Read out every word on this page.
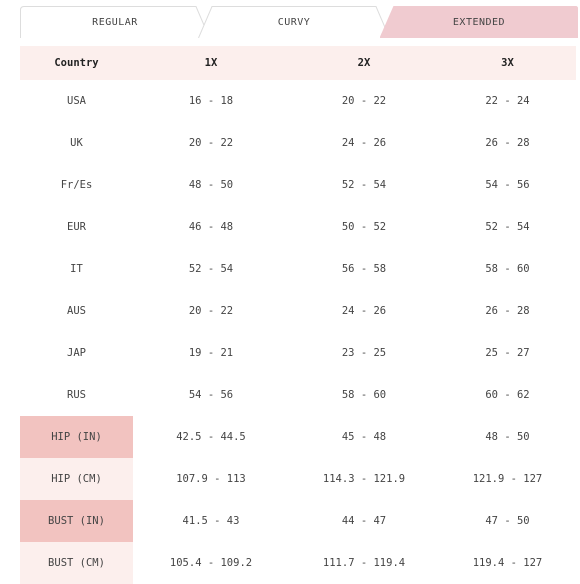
REGULAR	CURVY	EXTENDED
Country	1X	2X	3X
USA	16 - 18	20 - 22	22 - 24
UK	20 - 22	24 - 26	26 - 28
Fr/Es	48 - 50	52 - 54	54 - 56
EUR	46 - 48	50 - 52	52 - 54
IT	52 - 54	56 - 58	58 - 60
AUS	20 - 22	24 - 26	26 - 28
JAP	19 - 21	23 - 25	25 - 27
RUS	54 - 56	58 - 60	60 - 62
HIP (IN)	42.5 - 44.5	45 - 48	48 - 50
HIP (CM)	107.9 - 113	114.3 - 121.9	121.9 - 127
BUST (IN)	41.5 - 43	44 - 47	47 - 50
BUST (CM)	105.4 - 109.2	111.7 - 119.4	119.4 - 127
